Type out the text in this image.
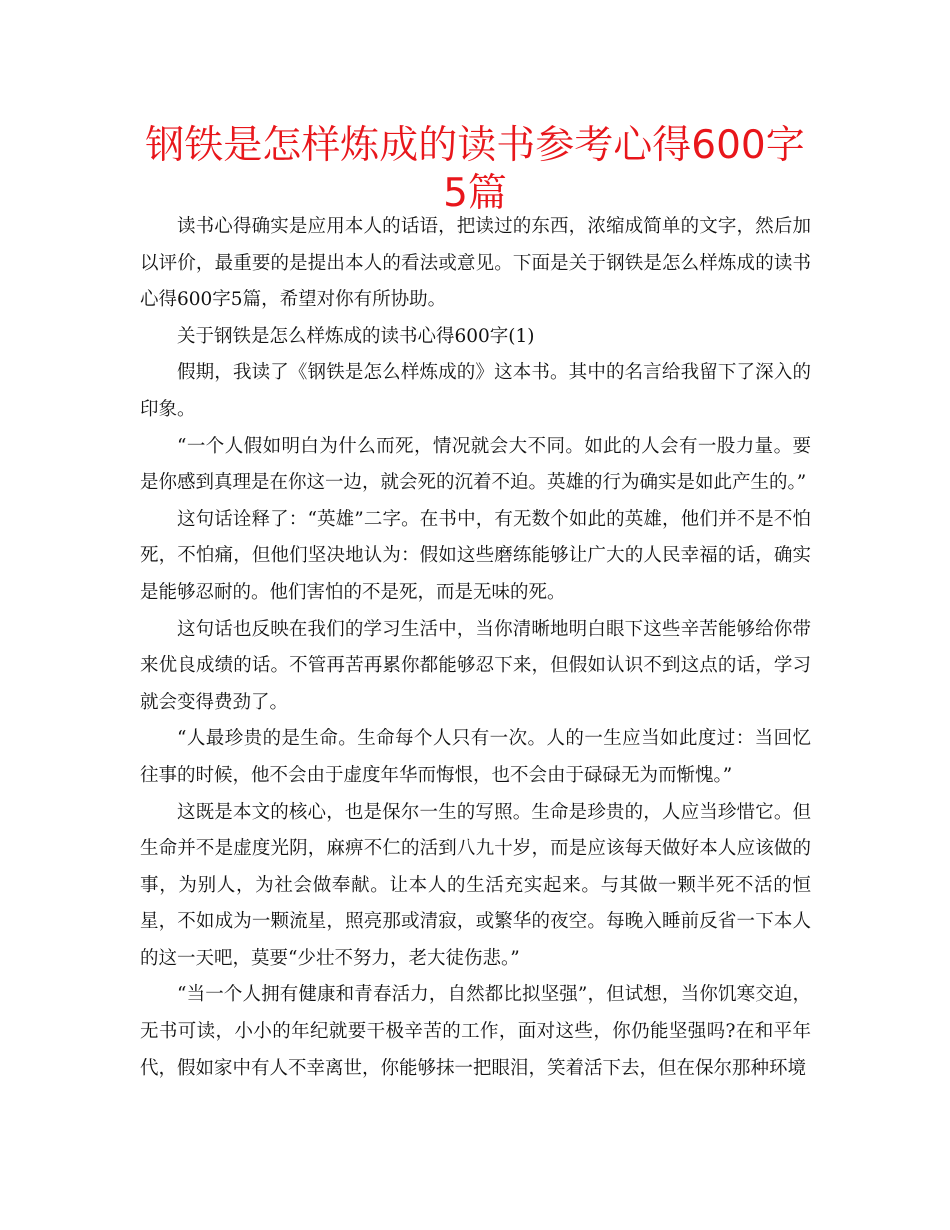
钢铁是怎样炼成的读书参考心得600字5篇

读书心得确实是应用本人的话语，把读过的东西，浓缩成简单的文字，然后加以评价，最重要的是提出本人的看法或意见。下面是关于钢铁是怎么样炼成的读书心得600字5篇，希望对你有所协助。

关于钢铁是怎么样炼成的读书心得600字(1)

假期，我读了《钢铁是怎么样炼成的》这本书。其中的名言给我留下了深入的印象。

“一个人假如明白为什么而死，情况就会大不同。如此的人会有一股力量。要是你感到真理是在你这一边，就会死的沉着不迫。英雄的行为确实是如此产生的。”

这句话诠释了：“英雄”二字。在书中，有无数个如此的英雄，他们并不是不怕死，不怕痛，但他们坚决地认为：假如这些磨练能够让广大的人民幸福的话，确实是能够忍耐的。他们害怕的不是死，而是无味的死。

这句话也反映在我们的学习生活中，当你清晰地明白眼下这些辛苦能够给你带来优良成绩的话。不管再苦再累你都能够忍下来，但假如认识不到这点的话，学习就会变得费劲了。

“人最珍贵的是生命。生命每个人只有一次。人的一生应当如此度过：当回忆往事的时候，他不会由于虚度年华而悔恨，也不会由于碌碌无为而惭愧。”

这既是本文的核心，也是保尔一生的写照。生命是珍贵的，人应当珍惜它。但生命并不是虚度光阴，麻痹不仁的活到八九十岁，而是应该每天做好本人应该做的事，为别人，为社会做奉献。让本人的生活充实起来。与其做一颗半死不活的恒星，不如成为一颗流星，照亮那或清寂，或繁华的夜空。每晚入睡前反省一下本人的这一天吧，莫要“少壮不努力，老大徒伤悲。”

“当一个人拥有健康和青春活力，自然都比拟坚强”，但试想，当你饥寒交迫，无书可读，小小的年纪就要干极辛苦的工作，面对这些，你仍能坚强吗?在和平年代，假如家中有人不幸离世，你能够抹一把眼泪，笑着活下去，但在保尔那种环境
